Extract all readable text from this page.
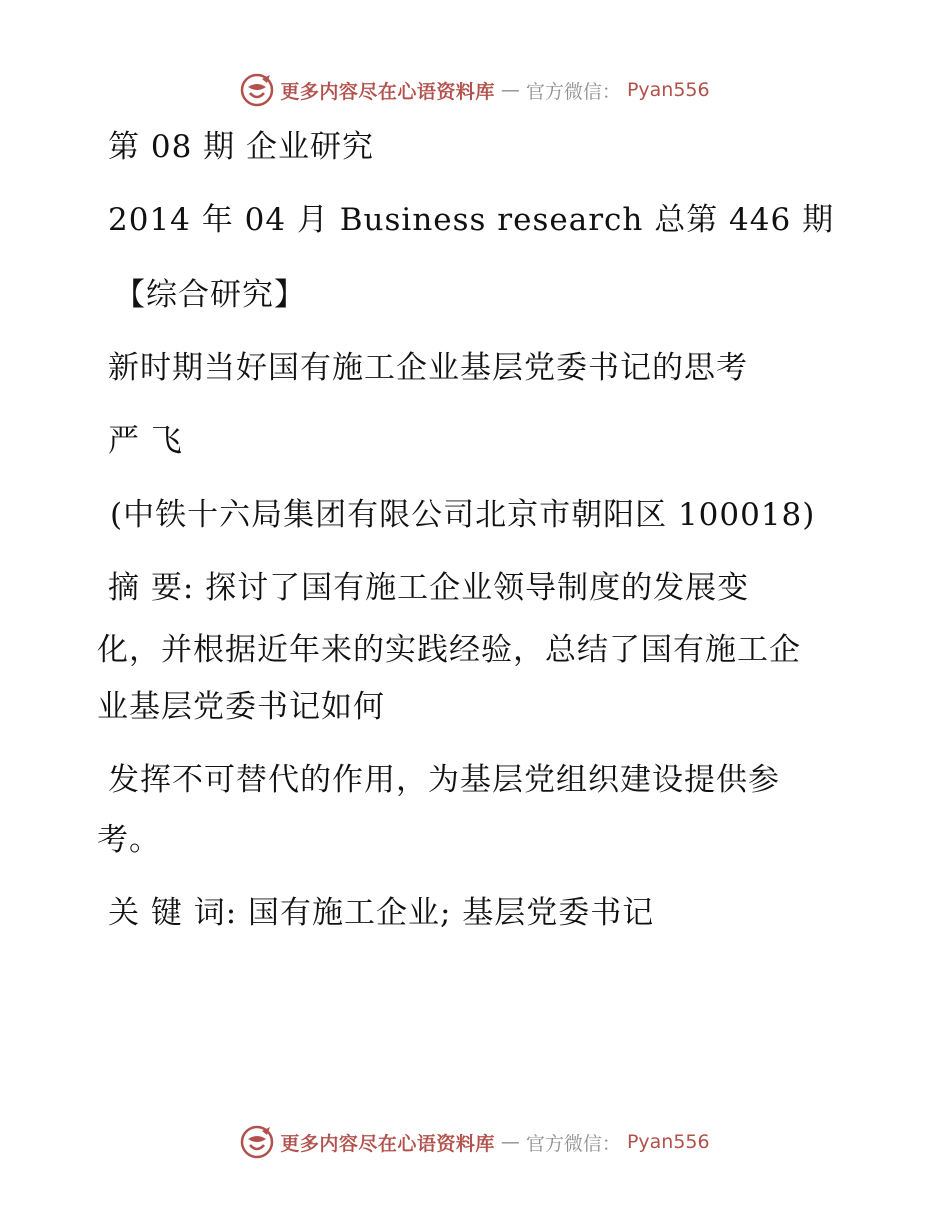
更多内容尽在心语资料库 — 官方微信： Pyan556
第 08 期 企业研究
2014 年 04 月 Business research 总第 446 期
【综合研究】
新时期当好国有施工企业基层党委书记的思考
严 飞
(中铁十六局集团有限公司北京市朝阳区 100018)
摘 要: 探讨了国有施工企业领导制度的发展变
化，并根据近年来的实践经验，总结了国有施工企
业基层党委书记如何
发挥不可替代的作用，为基层党组织建设提供参
考。
关 键 词: 国有施工企业; 基层党委书记
更多内容尽在心语资料库 — 官方微信： Pyan556
